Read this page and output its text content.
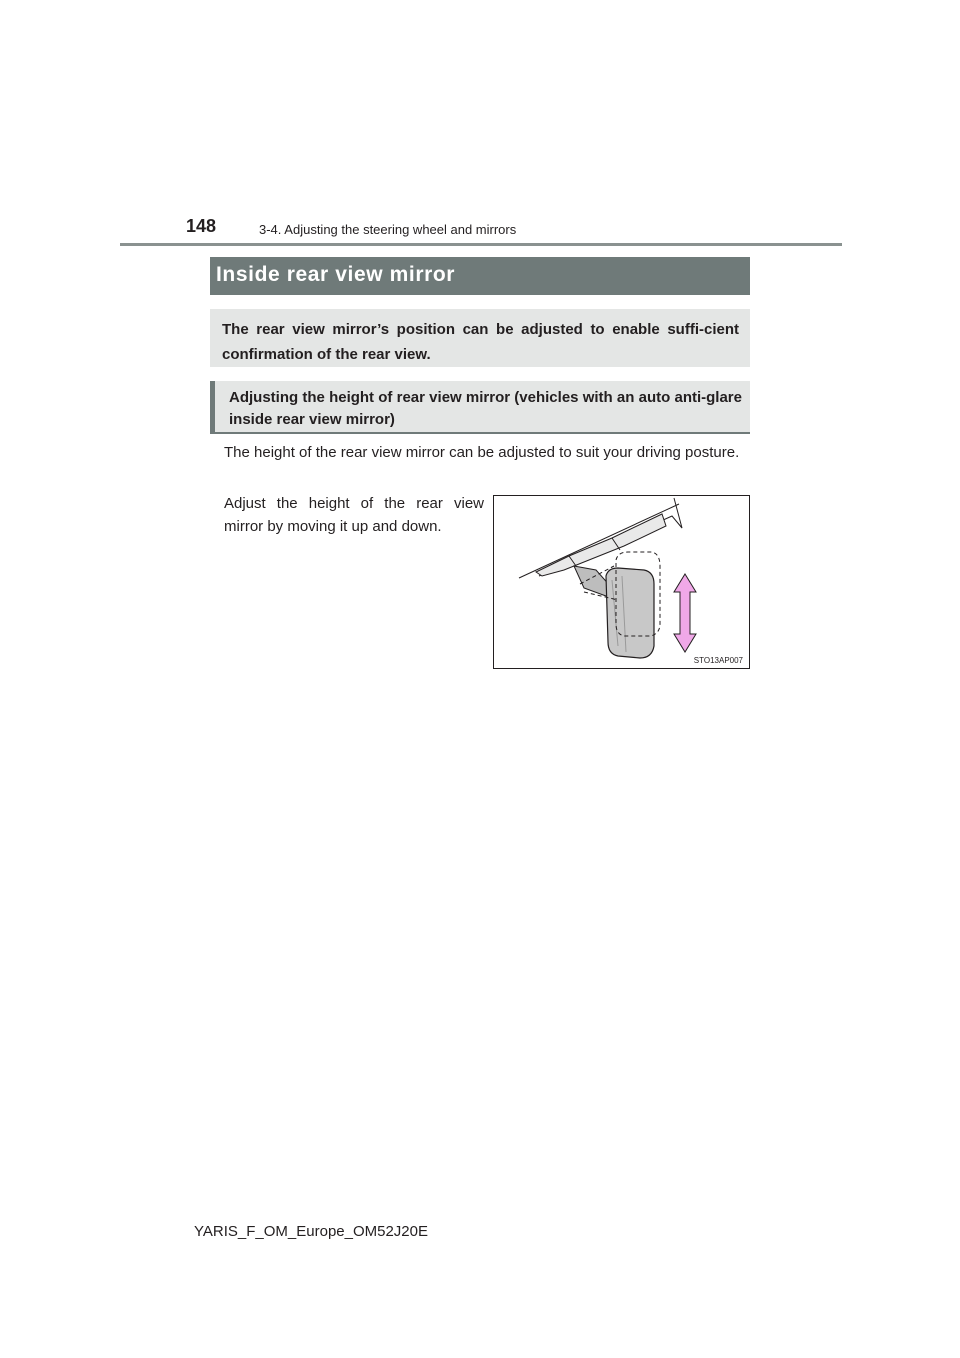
148	3-4. Adjusting the steering wheel and mirrors
Inside rear view mirror
The rear view mirror’s position can be adjusted to enable suffi-cient confirmation of the rear view.
Adjusting the height of rear view mirror (vehicles with an auto anti-glare inside rear view mirror)
The height of the rear view mirror can be adjusted to suit your driving posture.
Adjust the height of the rear view mirror by moving it up and down.
STO13AP007
YARIS_F_OM_Europe_OM52J20E
